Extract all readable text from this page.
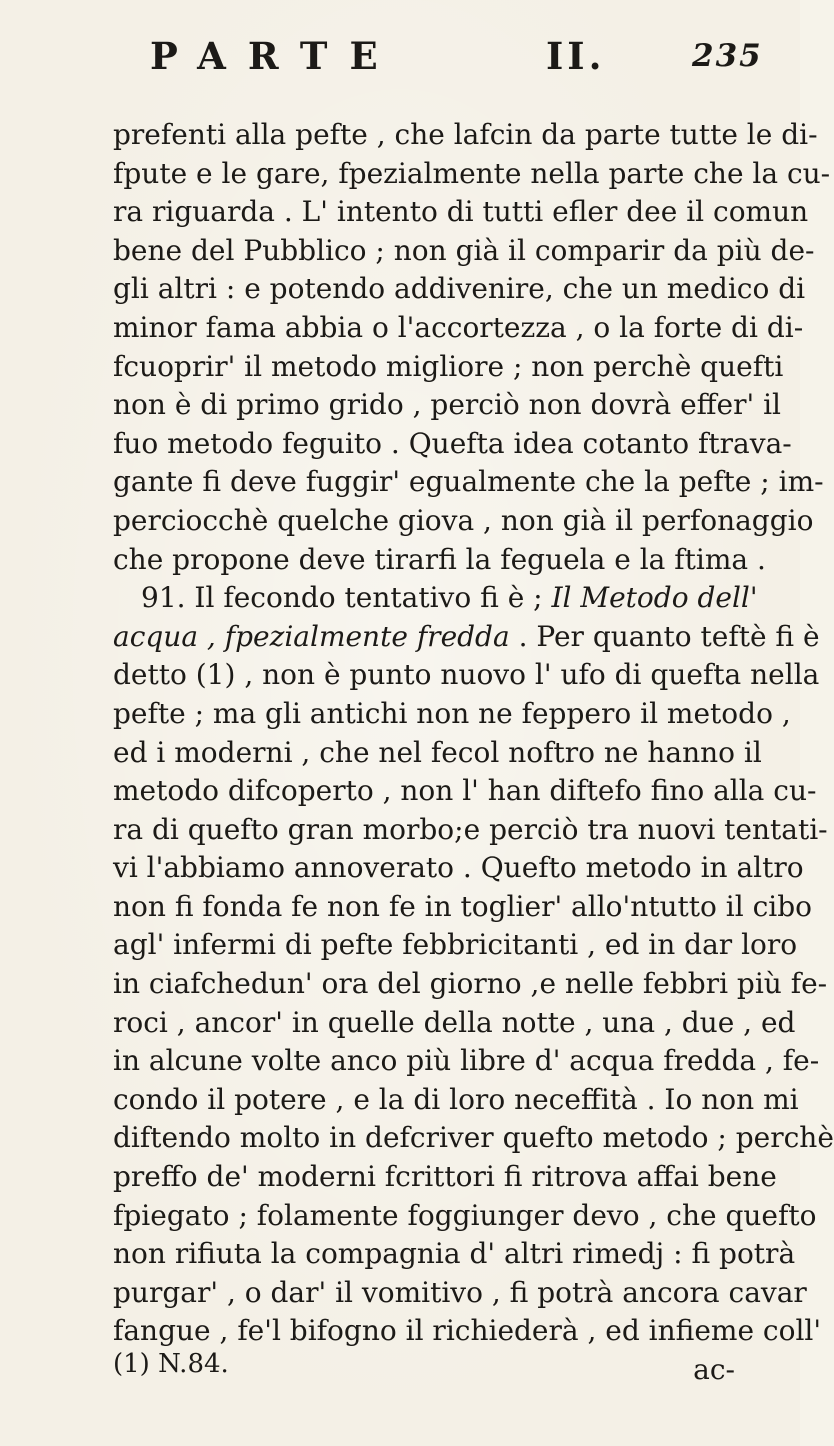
PARTE	II.	235
prefenti alla pefte , che lafcin da parte tutte le di-
fpute e le gare, fpezialmente nella parte che la cu-
ra riguarda . L' intento di tutti efler dee il comun
bene del Pubblico ; non già il comparir da più de-
gli altri : e potendo addivenire, che un medico di
minor fama abbia o l'accortezza , o la forte di di-
fcuoprir' il metodo migliore ; non perchè quefti
non è di primo grido , perciò non dovrà effer' il
fuo metodo feguito . Quefta idea cotanto ftrava-
gante fi deve fuggir' egualmente che la pefte ; im-
perciocchè quelche giova , non già il perfonaggio
che propone deve tirarfi la feguela e la ftima .
91. Il fecondo tentativo fi è ; Il Metodo dell'
acqua , fpezialmente fredda . Per quanto teftè fi è
detto (1) , non è punto nuovo l' ufo di quefta nella
pefte ; ma gli antichi non ne feppero il metodo ,
ed i moderni , che nel fecol noftro ne hanno il
metodo difcoperto , non l' han diftefo fino alla cu-
ra di quefto gran morbo;e perciò tra nuovi tentati-
vi l'abbiamo annoverato . Quefto metodo in altro
non fi fonda fe non fe in toglier' allo'ntutto il cibo
agl' infermi di pefte febbricitanti , ed in dar loro
in ciafchedun' ora del giorno ,e nelle febbri più fe-
roci , ancor' in quelle della notte , una , due , ed
in alcune volte anco più libre d' acqua fredda , fe-
condo il potere , e la di loro neceffità . Io non mi
diftendo molto in defcriver quefto metodo ; perchè
preffo de' moderni fcrittori fi ritrova affai bene
fpiegato ; folamente foggiunger devo , che quefto
non rifiuta la compagnia d' altri rimedj : fi potrà
purgar' , o dar' il vomitivo , fi potrà ancora cavar
fangue , fe'l bifogno il richiederà , ed infieme coll'
ac-
(1) N.84.
